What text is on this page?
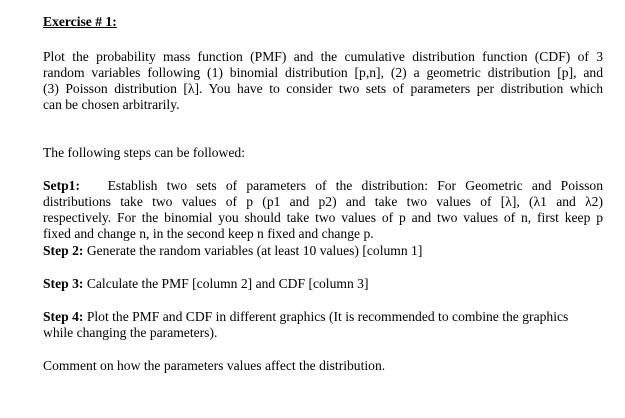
Exercise # 1:
Plot the probability mass function (PMF) and the cumulative distribution function (CDF) of 3
random variables following (1) binomial distribution [p,n], (2) a geometric distribution [p], and
(3) Poisson distribution [λ]. You have to consider two sets of parameters per distribution which
can be chosen arbitrarily.
The following steps can be followed:
Setp1: Establish two sets of parameters of the distribution: For Geometric and Poisson
distributions take two values of p (p1 and p2) and take two values of [λ], (λ1 and λ2)
respectively. For the binomial you should take two values of p and two values of n, first keep p
fixed and change n, in the second keep n fixed and change p.
Step 2: Generate the random variables (at least 10 values) [column 1]
Step 3: Calculate the PMF [column 2] and CDF [column 3]
Step 4: Plot the PMF and CDF in different graphics (It is recommended to combine the graphics
while changing the parameters).
Comment on how the parameters values affect the distribution.
